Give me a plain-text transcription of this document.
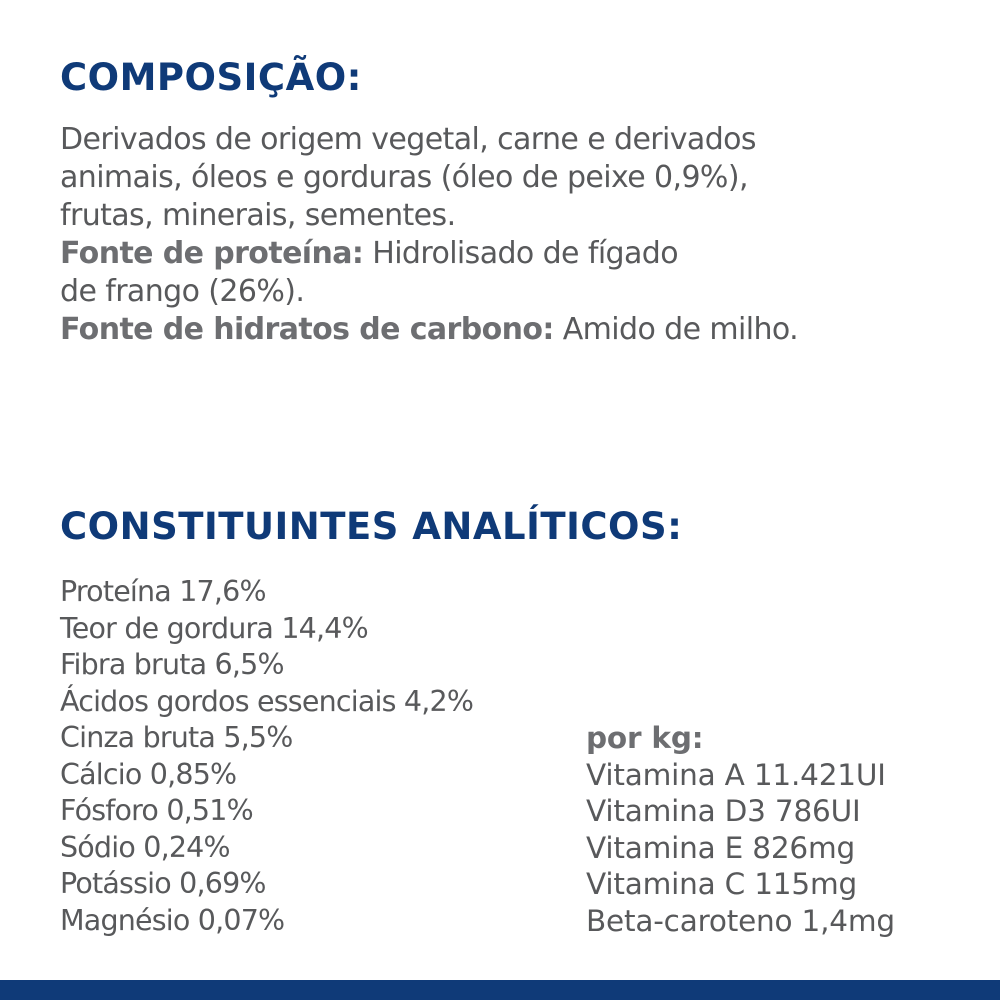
COMPOSIÇÃO:
Derivados de origem vegetal, carne e derivados
animais, óleos e gorduras (óleo de peixe 0,9%),
frutas, minerais, sementes.
Fonte de proteína: Hidrolisado de fígado
de frango (26%).
Fonte de hidratos de carbono: Amido de milho.
CONSTITUINTES ANALÍTICOS:
Proteína 17,6%
Teor de gordura 14,4%
Fibra bruta 6,5%
Ácidos gordos essenciais 4,2%
Cinza bruta 5,5%
Cálcio 0,85%
Fósforo 0,51%
Sódio 0,24%
Potássio 0,69%
Magnésio 0,07%
por kg:
Vitamina A 11.421UI
Vitamina D3 786UI
Vitamina E 826mg
Vitamina C 115mg
Beta-caroteno 1,4mg
